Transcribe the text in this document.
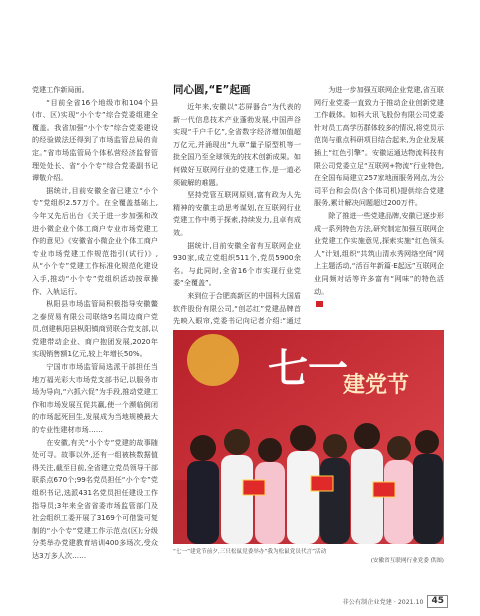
党建工作新局面。

“目前全省16个地级市和104个县(市、区)实现“小个专”综合党委组建全覆盖。我省加强“小个专”综合党委建设的经验做法还得到了市场监管总局的肯定。”省市场监管局个体私营经济监督管理处处长、省“小个专”综合党委副书记谭敬介绍。

据统计,目前安徽全省已建立“小个专”党组织2.57万个。在全覆盖基础上,今年又先后出台《关于进一步加强和改进小微企业个体工商户专业市场党建工作的意见》《安徽省小微企业个体工商户专业市场党建工作规范指引(试行)》,从“小个专”党建工作标准化规范化建设入手,推动“小个专”党组织活动按章操作、入轨运行。

枞阳县市场监管局积极指导安徽鳖之泰贸易有限公司联络9名周边商户党员,创建枞阳县枞阳镇商贸联合党支部,以党建带动企业、商户抱团发展,2020年实现销售额1亿元,较上年增长50%。

宁国市市场监管局选派干部担任当地万福光彩大市场党支部书记,以服务市场为导向,“六抓六促”为手段,推动党建工作和市场发展互促共赢,使一个濒临倒闭的市场起死回生,发展成为当地规模最大的专业性建材市场……

在安徽,有关“小个专”党建的故事随处可寻。故事以外,还有一组被核数据值得关注,截至目前,全省建立党员领导干部联系点670个;99名党员担任“小个专”党组织书记,选派431名党员担任建设工作指导员;3年来全省省委市场监管部门及社会组织工委开展了3169个可借鉴可复制的“小个专”党建工作示范点(区);分级分类举办党建教育培训400多场次,受众达3万多人次……

同心圆,“E”起画

近年来,安徽以“芯屏器合”为代表的新一代信息技术产业蓬勃发展,中国声谷实现“千户千亿”,全省数字经济增加值超万亿元,并涌现出“九章”量子原型机等一批全国乃至全球领先的技术创新成果。如何做好互联网行业的党建工作,是一道必须破解的难题。

坚持党管互联网原则,富有政为人先精神的安徽主动思考谋划,在互联网行业党建工作中勇于探索,持续发力,且卓有成效。

据统计,目前安徽全省有互联网企业930家,成立党组织511个,党员5900余名。与此同时,全省16个市实现行业党委“全覆盖”。

来到位于合肥高新区的中国科大国盾软件股份有限公司,“创芯红”党建品牌首先映入眼帘,党委书记向记者介绍:“通过

为进一步加强互联网企业党建,省互联网行业党委一直致力于推动企业创新党建工作载体。如科大讯飞股份有限公司党委针对员工高学历群体较多的情况,将党员示范岗与重点科研项目结合起来,为企业发展插上“红色引擎”。安徽运通达物流科技有限公司党委立足“互联网+物流”行业特色,在全国布局建立257家地面服务网点,为公司平台和会员(含个体司机)提供综合党建服务,累计解决问题超过200万件。

除了推进一些党建品牌,安徽已逐步形成一系列特色方法,研究制定加强互联网企业党建工作实施意见,探索实施“红色领头人”计划,组织“共筑山清水秀网络空间”网上主题活动,“活百年新篇·E起远”互联网企业同频对话等许多富有“网味”的特色活动。

七一
建党节
“七一”建党节前夕,三只松鼠党委举办“我为松鼠党员代言”活动
(安徽省互联网行业党委 供图)
非公有制企业党建 · 2021.10 45
